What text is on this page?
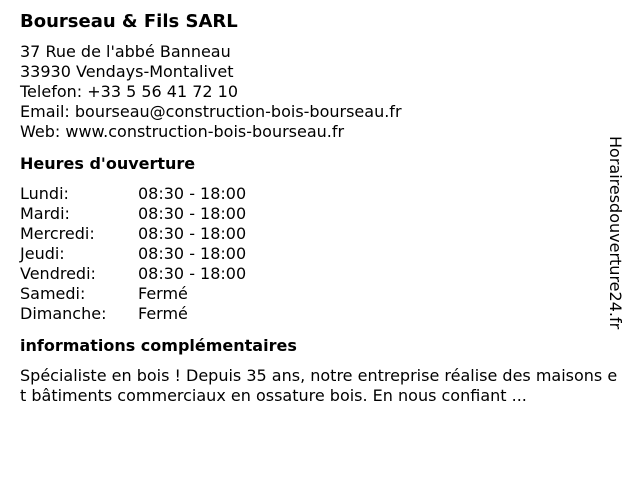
Bourseau & Fils SARL
37 Rue de l'abbé Banneau
33930 Vendays-Montalivet
Telefon: +33 5 56 41 72 10
Email: bourseau@construction-bois-bourseau.fr
Web: www.construction-bois-bourseau.fr
Heures d'ouverture
Lundi:	08:30 - 18:00
Mardi:	08:30 - 18:00
Mercredi:	08:30 - 18:00
Jeudi:	08:30 - 18:00
Vendredi:	08:30 - 18:00
Samedi:	Fermé
Dimanche:	Fermé
informations complémentaires
Spécialiste en bois ! Depuis 35 ans, notre entreprise réalise des maisons et bâtiments commerciaux en ossature bois. En nous confiant ...
Horairesdouverture24.fr
